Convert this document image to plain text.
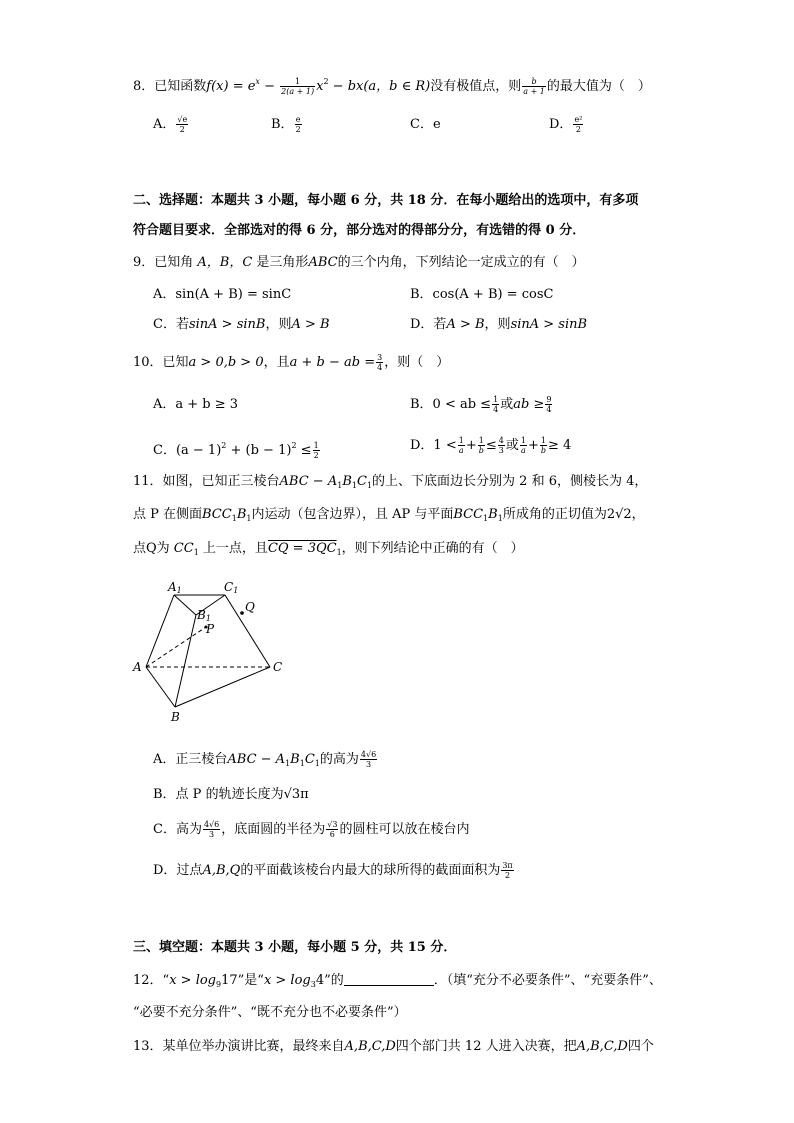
8．已知函数$f(x) = e^x - \frac{1}{2(a + 1)} x^2 - bx(a$，b ∈ R)没有极值点，则 $\frac{b}{a + 1}$ 的最大值为（　）
A． $\frac{√e}{2}$	B． $\frac{e}{2}$	C．e	D． $\frac{\text{e²}}{2}$
二、选择题：本题共 3 小题，每小题 6 分，共 18 分．在每小题给出的选项中，有多项
符合题目要求．全部选对的得 6 分，部分选对的得部分分，有选错的得 0 分．
9．已知角 A，B，C 是三角形ABC的三个内角，下列结论一定成立的有（　）
A．sin(A + B) = sinC	B．cos(A + B) = cosC
C．若sinA > sinB，则A > B	D．若A > B，则sinA > sinB
10．已知a > 0,b > 0，且a + b − ab = $\frac{3}{4}$ ，则（　）
A．a + b ≥ 3	B．0 < ab ≤ $\frac{1}{4}$ 或ab ≥ $\frac{9}{4}$
C．$(a - 1)^2 + (b - 1)^2 \le \frac{1}{2}$	D．$1 < \frac{1}{a} + \frac{1}{b} \le \frac{4}{3}$ 或 $\frac{1}{a} + \frac{1}{b} \ge 4$
11．如图，已知正三棱台ABC − $A_1B_1C_1$的上、下底面边长分别为 2 和 6，侧棱长为 4，
点 P 在侧面$BCC_1B_1$内运动（包含边界），且 AP 与平面$BCC_1B_1$所成角的正切值为2√2，
点Q为 $CC_1$ 上一点，且CQ = $3QC_1$，则下列结论中正确的有（　）
A1	C1
B1
P
Q
A	C
B
A．正三棱台ABC − $A_1B_1C_1$的高为 $\frac{4√6}{3}$
B．点 P 的轨迹长度为√3π
C．高为 $\frac{4√6}{3}$ ，底面圆的半径为 $\frac{√3}{6}$ 的圆柱可以放在棱台内
D．过点A,B,Q的平面截该棱台内最大的球所得的截面面积为 $\frac{3\pi}{2}$
三、填空题：本题共 3 小题，每小题 5 分，共 15 分．
12．“$x > \log_917$”是“$x > \log_34$”的	．（填“充分不必要条件”、“充要条件”、
“必要不充分条件”、“既不充分也不必要条件”）
13．某单位举办演讲比赛，最终来自A,B,C,D四个部门共 12 人进入决赛，把A,B,C,D四个
